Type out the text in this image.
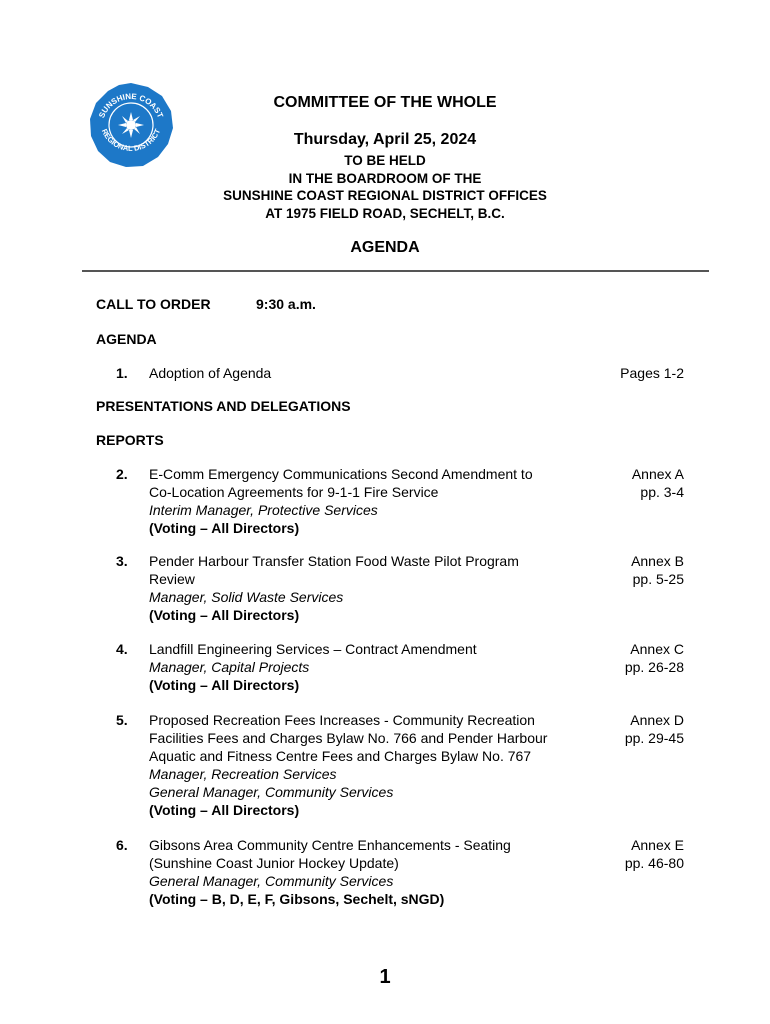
SUNSHINE COAST
REGIONAL DISTRICT
COMMITTEE OF THE WHOLE
Thursday, April 25, 2024
TO BE HELD
IN THE BOARDROOM OF THE
SUNSHINE COAST REGIONAL DISTRICT OFFICES
AT 1975 FIELD ROAD, SECHELT, B.C.
AGENDA
CALL TO ORDER	9:30 a.m.
AGENDA
1. Adoption of Agenda	Pages 1-2
PRESENTATIONS AND DELEGATIONS
REPORTS
2. E-Comm Emergency Communications Second Amendment to
Co-Location Agreements for 9-1-1 Fire Service
Interim Manager, Protective Services
(Voting – All Directors)
Annex A
pp. 3-4
3. Pender Harbour Transfer Station Food Waste Pilot Program
Review
Manager, Solid Waste Services
(Voting – All Directors)
Annex B
pp. 5-25
4. Landfill Engineering Services – Contract Amendment
Manager, Capital Projects
(Voting – All Directors)
Annex C
pp. 26-28
5. Proposed Recreation Fees Increases - Community Recreation
Facilities Fees and Charges Bylaw No. 766 and Pender Harbour
Aquatic and Fitness Centre Fees and Charges Bylaw No. 767
Manager, Recreation Services
General Manager, Community Services
(Voting – All Directors)
Annex D
pp. 29-45
6. Gibsons Area Community Centre Enhancements - Seating
(Sunshine Coast Junior Hockey Update)
General Manager, Community Services
(Voting – B, D, E, F, Gibsons, Sechelt, sNGD)
Annex E
pp. 46-80
1
